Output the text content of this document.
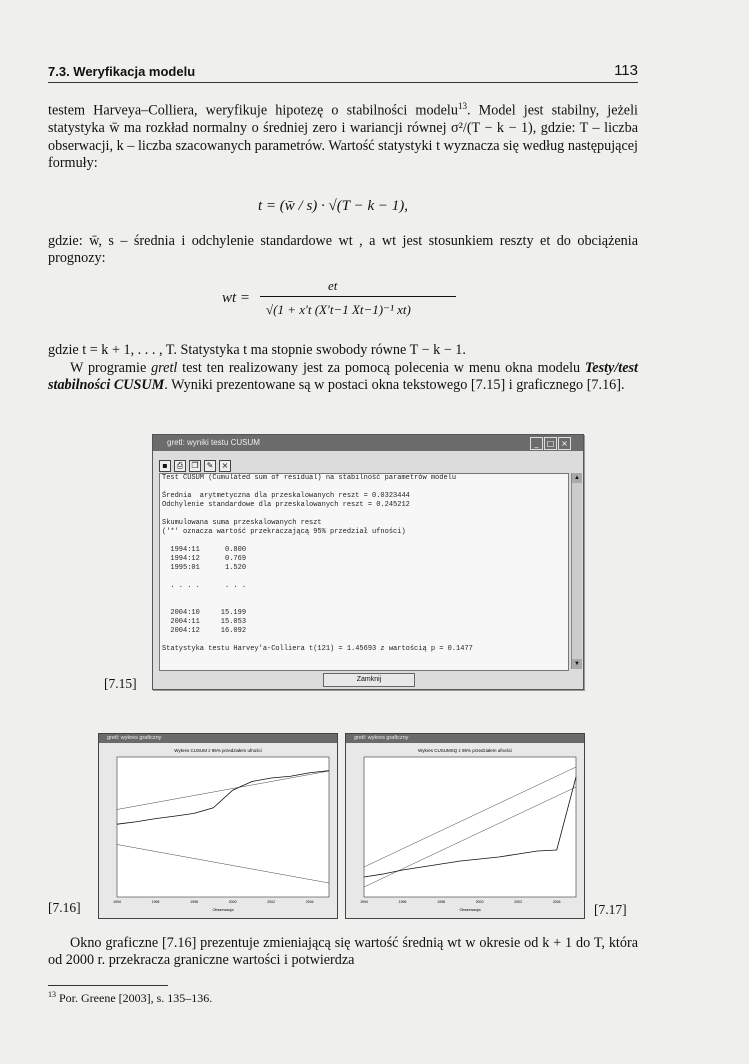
7.3. Weryfikacja modelu	113
testem Harveya–Colliera, weryfikuje hipotezę o stabilności modelu$^{13}$. Model jest stabilny, jeżeli statystyka w̄ ma rozkład normalny o średniej zero i wariancji równej σ²/(T − k − 1), gdzie: T – liczba obserwacji, k – liczba szacowanych parametrów. Wartość statystyki t wyznacza się według następującej formuły:
t = (w̄ / s) · √(T − k − 1),
gdzie: w̄, s – średnia i odchylenie standardowe wt , a wt jest stosunkiem reszty et do obciążenia prognozy:
wt =
et
√(1 + x′t (X′t−1 Xt−1)⁻¹ xt)
gdzie t = k + 1, . . . , T. Statystyka t ma stopnie swobody równe T − k − 1.
W programie gretl test ten realizowany jest za pomocą polecenia w menu okna modelu Testy/test stabilności CUSUM. Wyniki prezentowane są w postaci okna tekstowego [7.15] i graficznego [7.16].
gretl: wyniki testu CUSUM	_	□ ×
▪ ⎙ ❐ ✎ ×
Test CUSUM (Cumulated sum of residual) na stabilność parametrów modelu
Średnia  arytmetyczna dla przeskalowanych reszt = 0.0323444
Odchylenie standardowe dla przeskalowanych reszt = 0.245212
Skumulowana suma przeskalowanych reszt
('*' oznacza wartość przekraczającą 95% przedział ufności)
1994:11      0.800
1994:12      0.769
1995:01      1.520
. . . .      . . .
2004:10     15.199
2004:11     15.053
2004:12     16.092
Statystyka testu Harvey'a-Colliera t(121) = 1.45693 z wartością p = 0.1477
▲
▼
Zamknij
[7.15]
gretl: wykres graficzny
Wykres CUSUM z 95% przedziałem ufności
Obserwacja
1994	1996	1998	2000	2002	2004
gretl: wykres graficzny
Wykres CUSUMSQ z 95% przedziałem ufności
Obserwacja
1994	1996	1998	2000	2002	2004
[7.16]	[7.17]
Okno graficzne [7.16] prezentuje zmieniającą się wartość średnią wt w okresie od k + 1 do T, która od 2000 r. przekracza graniczne wartości i potwierdza
$^{13}$ Por. Greene [2003], s. 135–136.
